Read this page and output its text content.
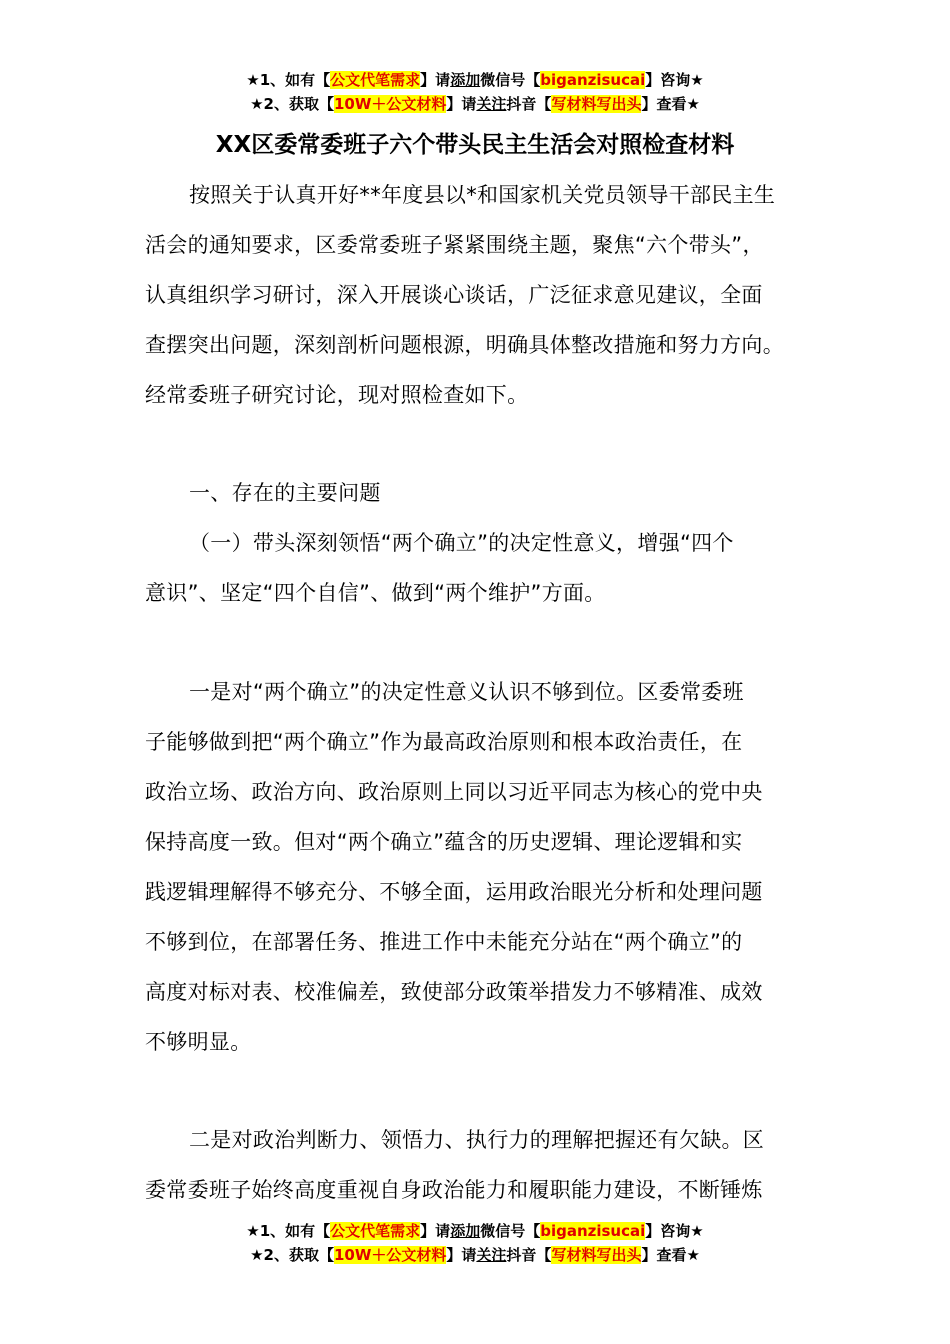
★1、如有【公文代笔需求】请添加微信号【biganzisucai】咨询★
★2、获取【10W＋公文材料】请关注抖音【写材料写出头】查看★
XX区委常委班子六个带头民主生活会对照检查材料
按照关于认真开好**年度县以*和国家机关党员领导干部民主生
活会的通知要求，区委常委班子紧紧围绕主题，聚焦“六个带头”，
认真组织学习研讨，深入开展谈心谈话，广泛征求意见建议，全面
查摆突出问题，深刻剖析问题根源，明确具体整改措施和努力方向。
经常委班子研究讨论，现对照检查如下。
一、存在的主要问题
（一）带头深刻领悟“两个确立”的决定性意义，增强“四个
意识”、坚定“四个自信”、做到“两个维护”方面。
一是对“两个确立”的决定性意义认识不够到位。区委常委班
子能够做到把“两个确立”作为最高政治原则和根本政治责任，在
政治立场、政治方向、政治原则上同以习近平同志为核心的党中央
保持高度一致。但对“两个确立”蕴含的历史逻辑、理论逻辑和实
践逻辑理解得不够充分、不够全面，运用政治眼光分析和处理问题
不够到位，在部署任务、推进工作中未能充分站在“两个确立”的
高度对标对表、校准偏差，致使部分政策举措发力不够精准、成效
不够明显。
二是对政治判断力、领悟力、执行力的理解把握还有欠缺。区
委常委班子始终高度重视自身政治能力和履职能力建设，不断锤炼
★1、如有【公文代笔需求】请添加微信号【biganzisucai】咨询★
★2、获取【10W＋公文材料】请关注抖音【写材料写出头】查看★
